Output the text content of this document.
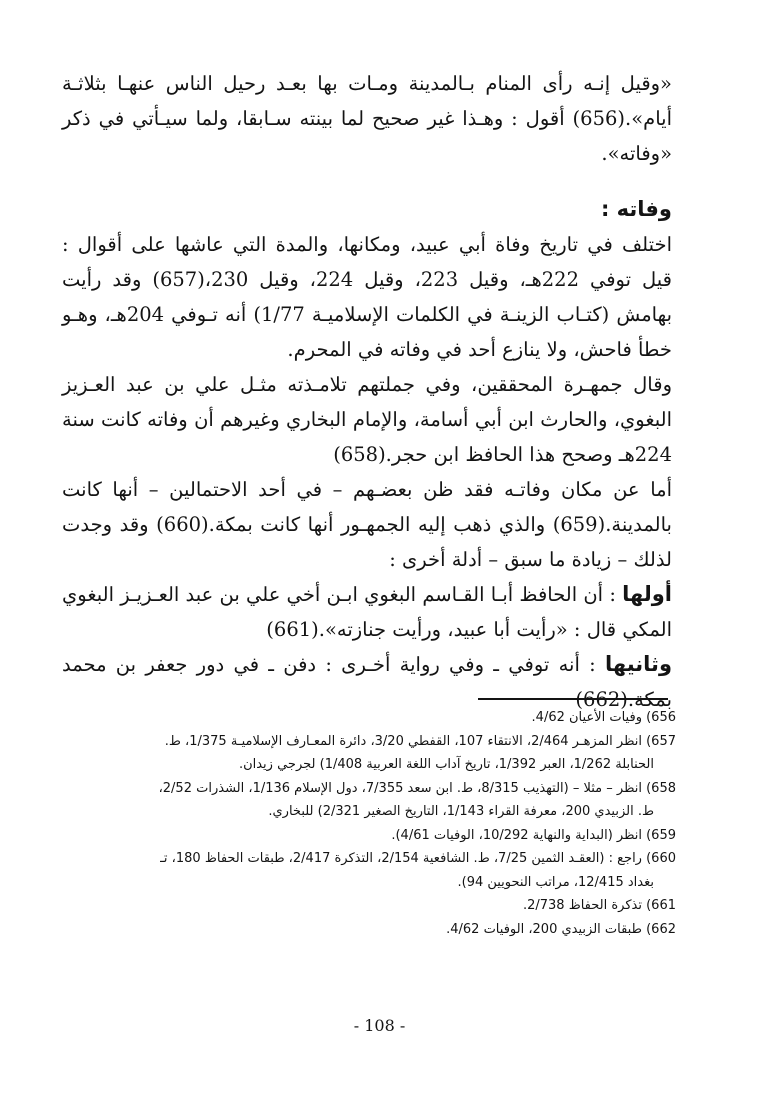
«وقيل إنـه رأى المنام بـالمدينة ومـات بها بعـد رحيل الناس عنهـا بثلاثـة أيام».(656) أقول : وهـذا غير صحيح لما بينته سـابقا، ولما سيـأتي في ذكر «وفاته».

وفاته :

اختلف في تاريخ وفاة أبي عبيد، ومكانها، والمدة التي عاشها على أقوال : قيل توفي 222هـ، وقيل 223، وقيل 224، وقيل 230،(657) وقد رأيت بهامش (كتـاب الزينـة في الكلمات الإسلاميـة 1/77) أنه تـوفي 204هـ، وهـو خطأ فاحش، ولا ينازع أحد في وفاته في المحرم.

وقال جمهـرة المحققين، وفي جملتهم تلامـذته مثـل علي بن عبد العـزيز البغوي، والحارث ابن أبي أسامة، والإمام البخاري وغيرهم أن وفاته كانت سنة 224هـ وصحح هذا الحافظ ابن حجر.(658)

أما عن مكان وفاتـه فقد ظن بعضـهم – في أحد الاحتمالين – أنها كانت بالمدينة.(659) والذي ذهب إليه الجمهـور أنها كانت بمكة.(660) وقد وجدت لذلك – زيادة ما سبق – أدلة أخرى :

أولها : أن الحافظ أبـا القـاسم البغوي ابـن أخي علي بن عبد العـزيـز البغوي المكي قال : «رأيت أبا عبيد، ورأيت جنازته».(661)

وثانيها : أنه توفي ـ وفي رواية أخـرى : دفن ـ في دور جعفر بن محمد بمكة.(662)

656) وفيات الأعيان 4/62.

657) انظر المزهـر 2/464، الانتقاء 107، القفطي 3/20، دائرة المعـارف الإسلاميـة 1/375، ط.
الحنابلة 1/262، العبر 1/392، تاريخ آداب اللغة العربية 1/408) لجرجي زيدان.

658) انظر – مثلا – (التهذيب 8/315، ط. ابن سعد 7/355، دول الإسلام 1/136، الشذرات 2/52،
ط. الزبيدي 200، معرفة القراء 1/143، التاريخ الصغير 2/321) للبخاري.

659) انظر (البداية والنهاية 10/292، الوفيات 4/61).

660) راجع : (العقـد الثمين 7/25، ط. الشافعية 2/154، التذكرة 2/417، طبقات الحفاظ 180، تـ
بغداد 12/415، مراتب النحويين 94).

661) تذكرة الحفاظ 2/738.

662) طبقات الزبيدي 200، الوفيات 4/62.

- 108 -
